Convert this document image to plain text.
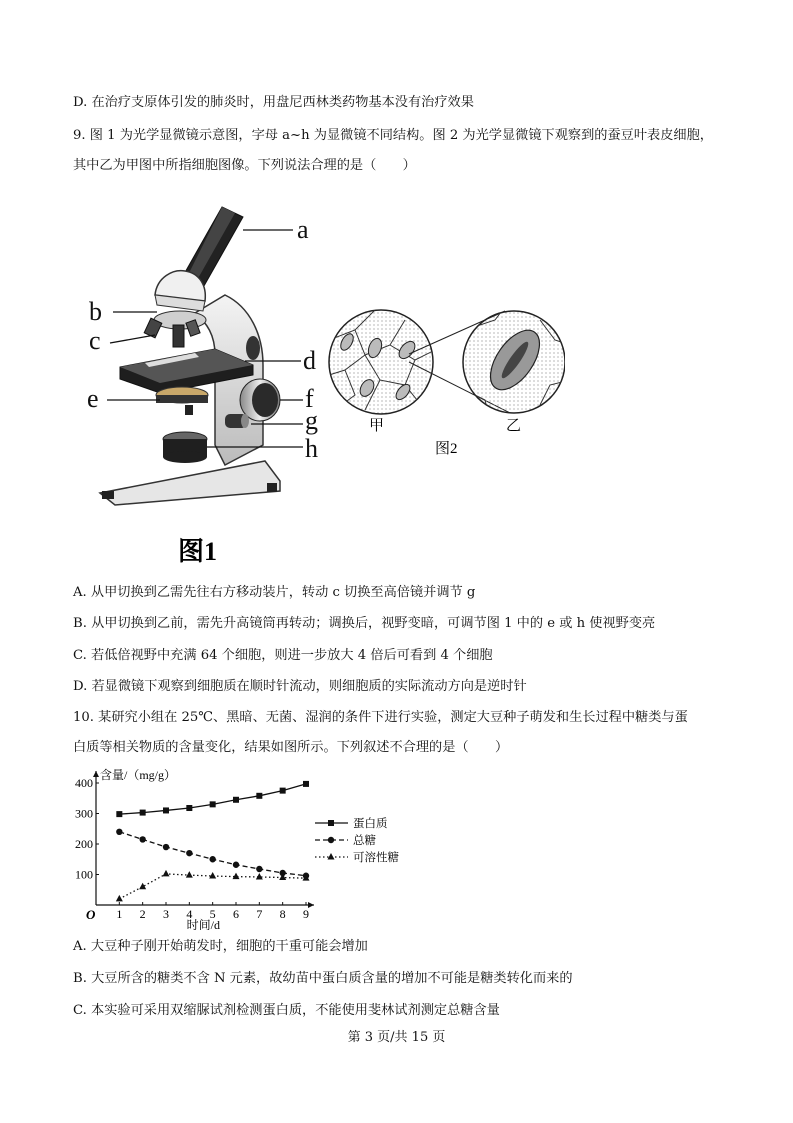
D. 在治疗支原体引发的肺炎时，用盘尼西林类药物基本没有治疗效果
9. 图 1 为光学显微镜示意图，字母 a~h 为显微镜不同结构。图 2 为光学显微镜下观察到的蚕豆叶表皮细胞，
其中乙为甲图中所指细胞图像。下列说法合理的是（　　）
a
b
c
d
e	f
g
h
图1
甲	乙
图2
A. 从甲切换到乙需先往右方移动装片，转动 c 切换至高倍镜并调节 g
B. 从甲切换到乙前，需先升高镜筒再转动；调换后，视野变暗，可调节图 1 中的 e 或 h 使视野变亮
C. 若低倍视野中充满 64 个细胞，则进一步放大 4 倍后可看到 4 个细胞
D. 若显微镜下观察到细胞质在顺时针流动，则细胞质的实际流动方向是逆时针
10. 某研究小组在 25℃、黑暗、无菌、湿润的条件下进行实验，测定大豆种子萌发和生长过程中糖类与蛋
白质等相关物质的含量变化，结果如图所示。下列叙述不合理的是（　　）
含量/（mg/g）
时间/d
O 1 2 3 4 5 6 7 8 9
100
200
300
400
蛋白质
总糖
可溶性糖
A. 大豆种子刚开始萌发时，细胞的干重可能会增加
B. 大豆所含的糖类不含 N 元素，故幼苗中蛋白质含量的增加不可能是糖类转化而来的
C. 本实验可采用双缩脲试剂检测蛋白质，不能使用斐林试剂测定总糖含量
第 3 页/共 15 页
